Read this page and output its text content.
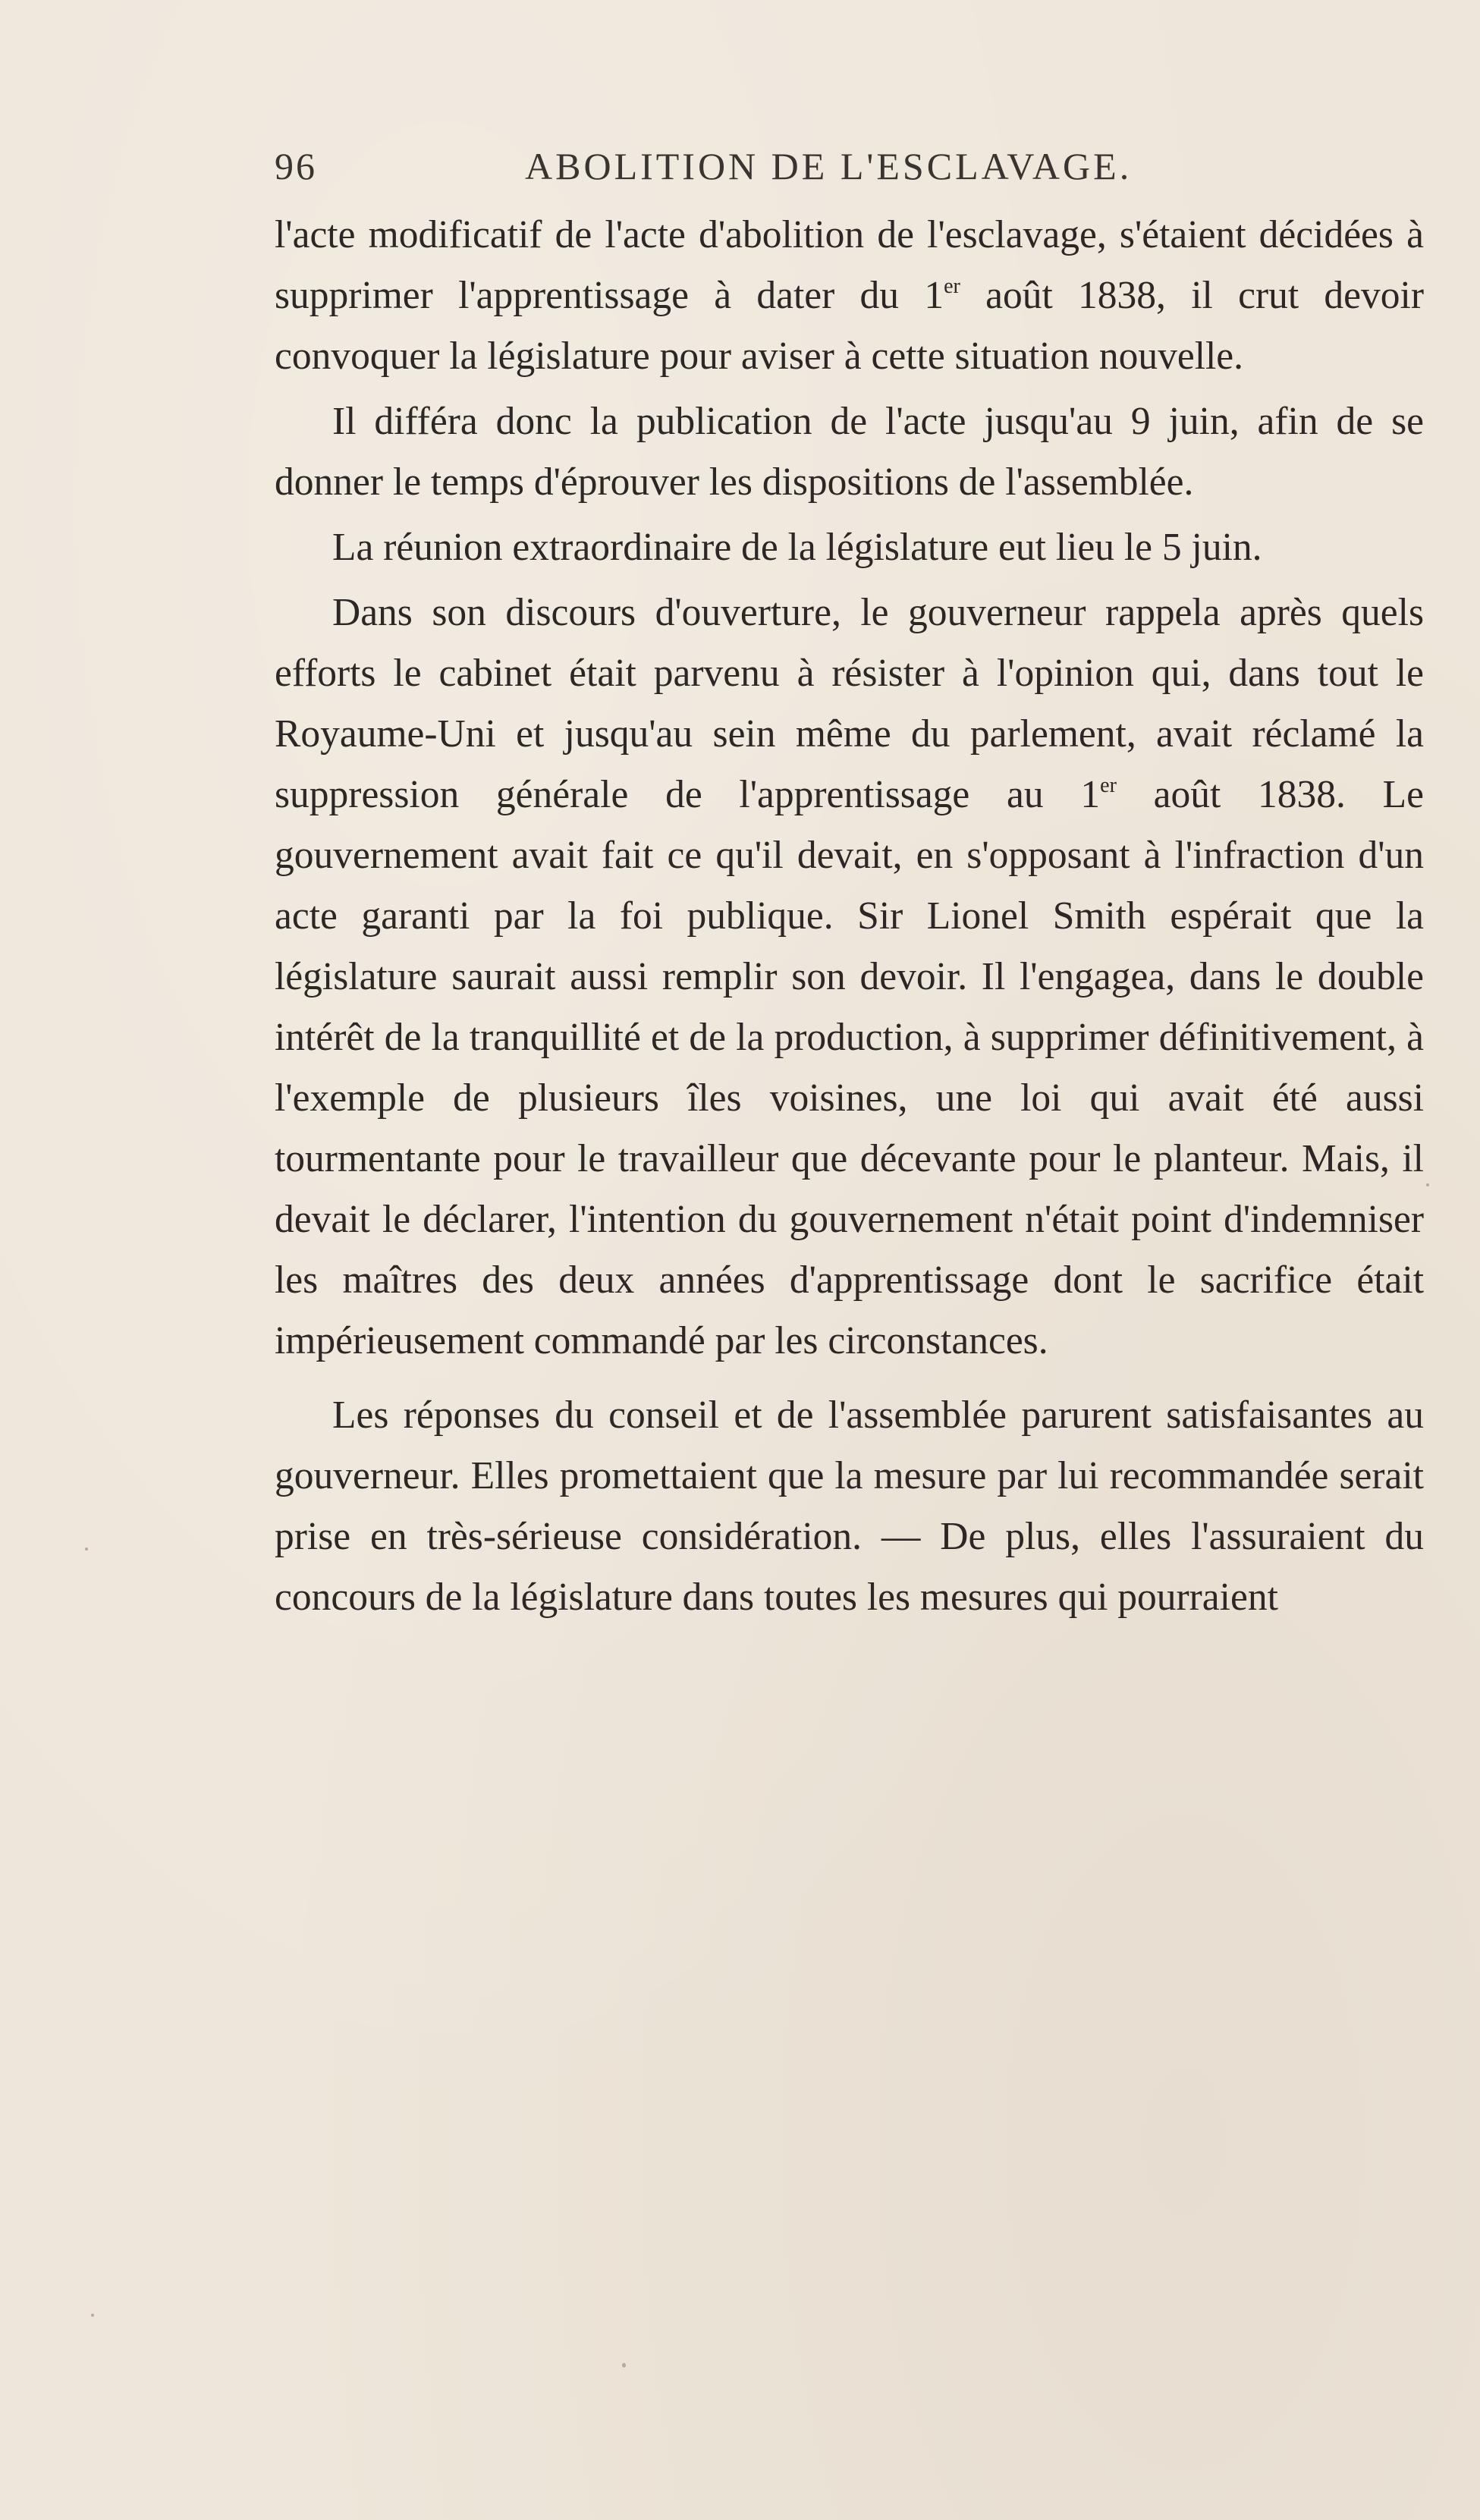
96	ABOLITION DE L'ESCLAVAGE.

l'acte modificatif de l'acte d'abolition de l'esclavage, s'étaient décidées à supprimer l'apprentissage à dater du 1er août 1838, il crut devoir convoquer la législature pour aviser à cette situation nouvelle.

Il différa donc la publication de l'acte jusqu'au 9 juin, afin de se donner le temps d'éprouver les dispositions de l'assemblée.

La réunion extraordinaire de la législature eut lieu le 5 juin.

Dans son discours d'ouverture, le gouverneur rappela après quels efforts le cabinet était parvenu à résister à l'opinion qui, dans tout le Royaume-Uni et jusqu'au sein même du parlement, avait réclamé la suppression générale de l'apprentissage au 1er août 1838. Le gouvernement avait fait ce qu'il devait, en s'opposant à l'infraction d'un acte garanti par la foi publique. Sir Lionel Smith espérait que la législature saurait aussi remplir son devoir. Il l'engagea, dans le double intérêt de la tranquillité et de la production, à supprimer définitivement, à l'exemple de plusieurs îles voisines, une loi qui avait été aussi tourmentante pour le travailleur que décevante pour le planteur. Mais, il devait le déclarer, l'intention du gouvernement n'était point d'indemniser les maîtres des deux années d'apprentissage dont le sacrifice était impérieusement commandé par les circonstances.

Les réponses du conseil et de l'assemblée parurent satisfaisantes au gouverneur. Elles promettaient que la mesure par lui recommandée serait prise en très-sérieuse considération. — De plus, elles l'assuraient du concours de la législature dans toutes les mesures qui pourraient
